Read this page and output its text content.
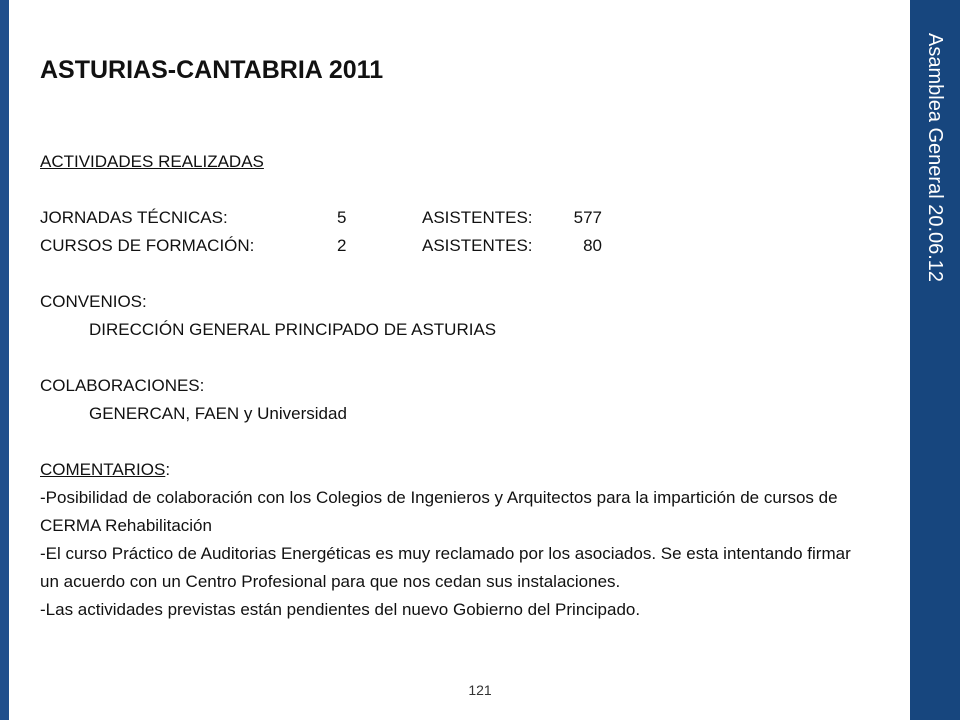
Asamblea General 20.06.12
ASTURIAS-CANTABRIA 2011
ACTIVIDADES REALIZADAS
JORNADAS TÉCNICAS:	5	ASISTENTES:	577
CURSOS DE FORMACIÓN:	2	ASISTENTES:	80
CONVENIOS:
DIRECCIÓN GENERAL PRINCIPADO DE ASTURIAS
COLABORACIONES:
GENERCAN, FAEN y Universidad
COMENTARIOS:
-Posibilidad de colaboración con los Colegios de Ingenieros y Arquitectos para la impartición de cursos de CERMA Rehabilitación
-El curso Práctico de Auditorias Energéticas es muy reclamado por los asociados. Se esta intentando firmar un acuerdo con un Centro Profesional para que nos cedan sus instalaciones.
-Las actividades previstas están pendientes del nuevo Gobierno del Principado.
121
